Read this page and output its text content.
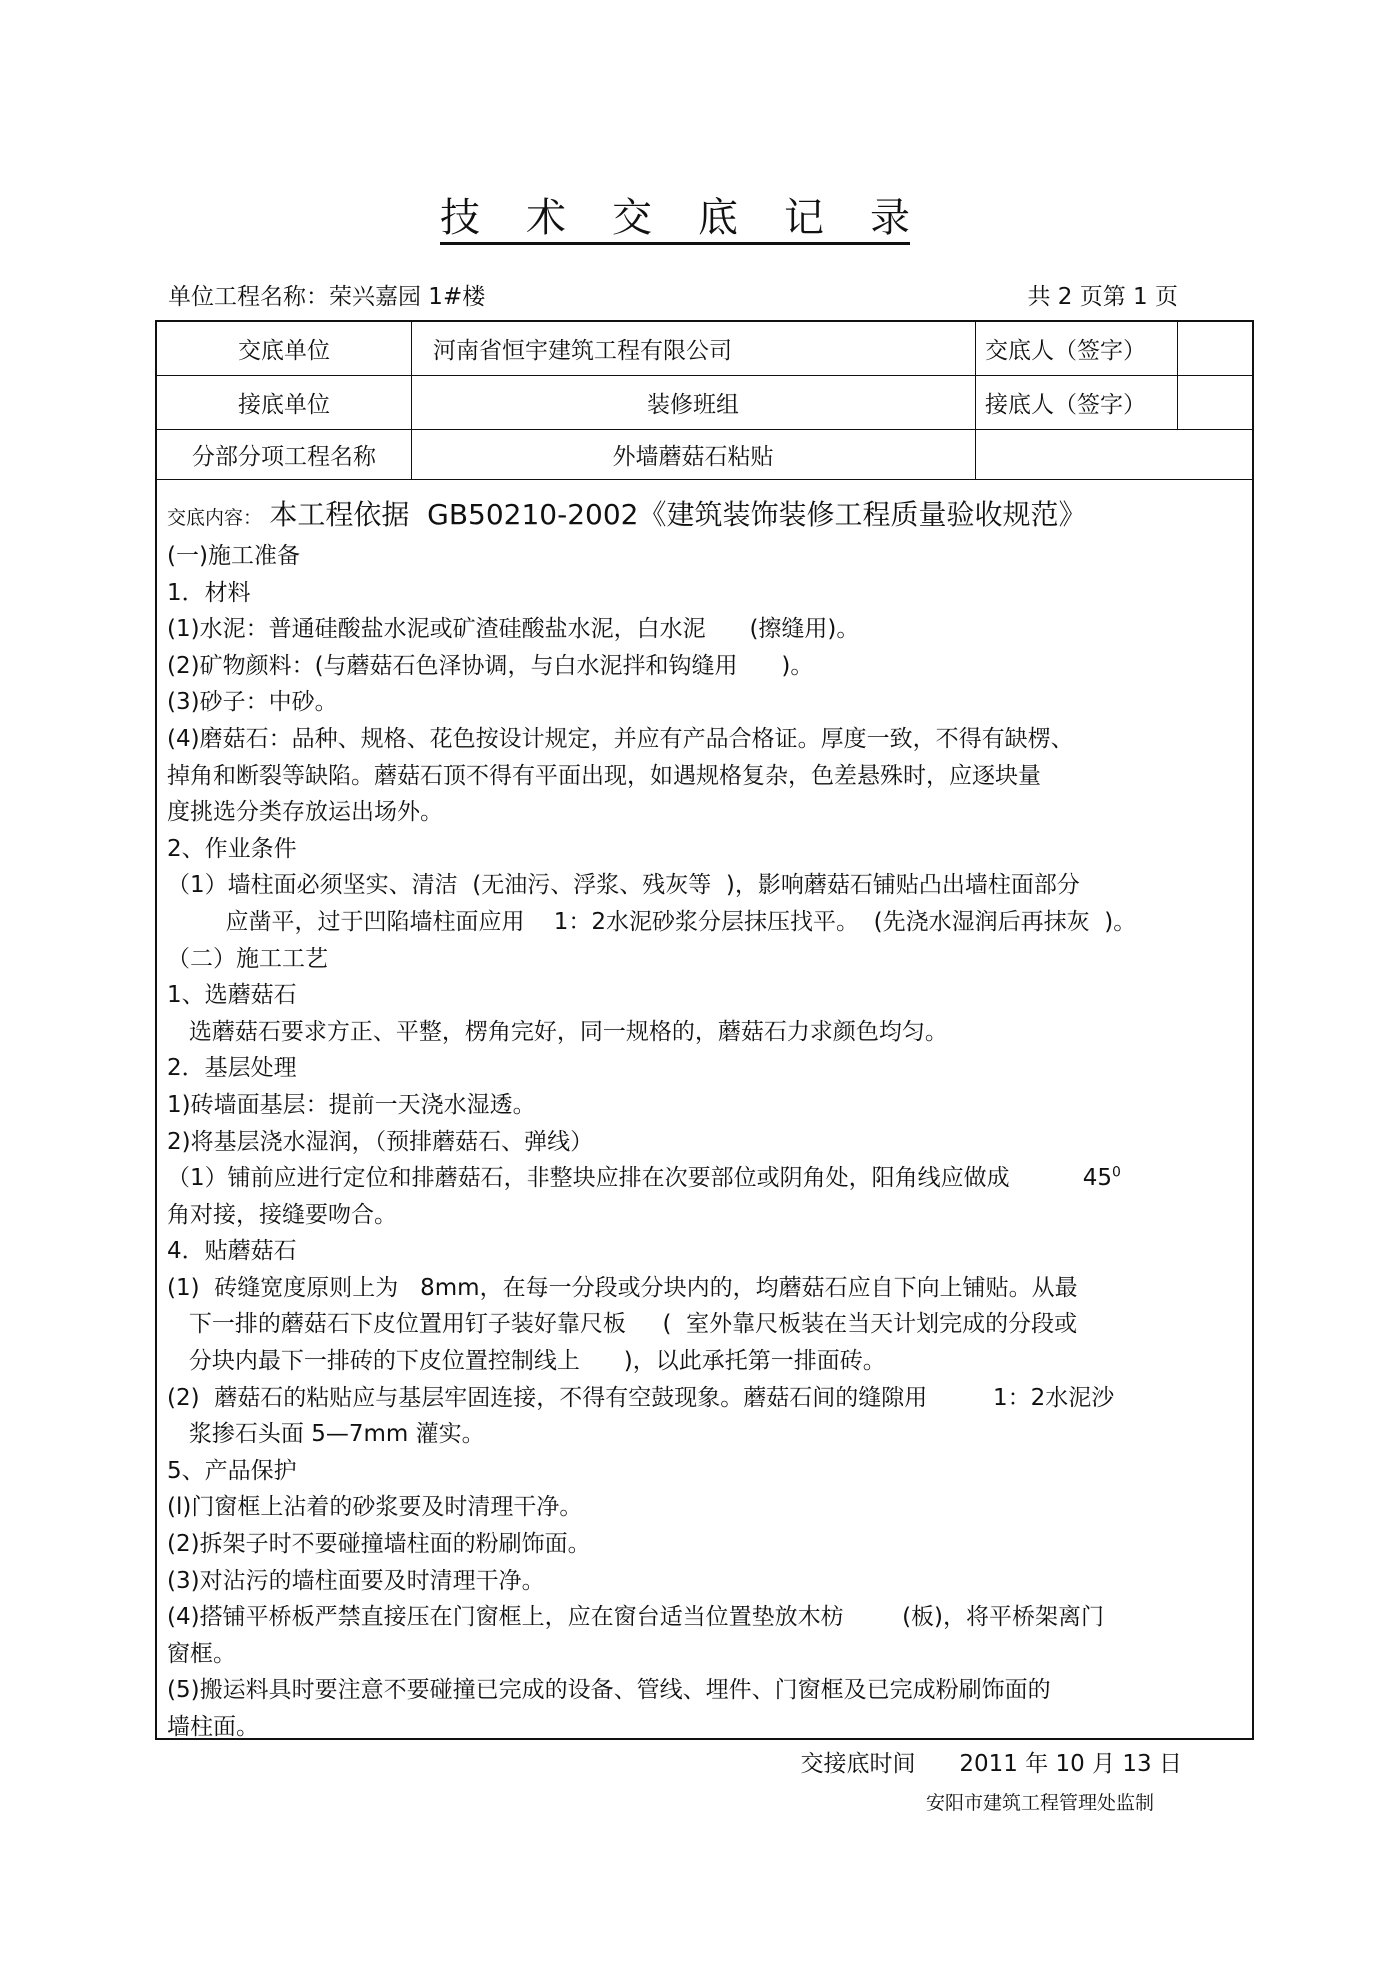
技 术 交 底 记 录
单位工程名称：荣兴嘉园 1#楼	共 2 页第 1 页
交底单位	河南省恒宇建筑工程有限公司	交底人（签字）
接底单位	装修班组	接底人（签字）
分部分项工程名称	外墙蘑菇石粘贴
交底内容： 本工程依据  GB50210-2002《建筑装饰装修工程质量验收规范》
(一)施工准备
1．材料
(1)水泥：普通硅酸盐水泥或矿渣硅酸盐水泥，白水泥      (擦缝用)。
(2)矿物颜料：(与蘑菇石色泽协调，与白水泥拌和钩缝用      )。
(3)砂子：中砂。
(4)磨菇石：品种、规格、花色按设计规定，并应有产品合格证。厚度一致，不得有缺楞、
掉角和断裂等缺陷。蘑菇石顶不得有平面出现，如遇规格复杂，色差悬殊时，应逐块量
度挑选分类存放运出场外。
2、作业条件
（1）墙柱面必须坚实、清洁  (无油污、浮浆、残灰等  )，影响蘑菇石铺贴凸出墙柱面部分
应凿平，过于凹陷墙柱面应用    1：2水泥砂浆分层抹压找平。  (先浇水湿润后再抹灰  )。
（二）施工工艺
1、选蘑菇石
选蘑菇石要求方正、平整，楞角完好，同一规格的，蘑菇石力求颜色均匀。
2．基层处理
1)砖墙面基层：提前一天浇水湿透。
2)将基层浇水湿润，（预排蘑菇石、弹线）
（1）铺前应进行定位和排蘑菇石，非整块应排在次要部位或阴角处，阳角线应做成          $45^0$
角对接，接缝要吻合。
4．贴蘑菇石
(1)  砖缝宽度原则上为   8mm，在每一分段或分块内的，均蘑菇石应自下向上铺贴。从最
下一排的蘑菇石下皮位置用钉子装好靠尺板     (  室外靠尺板装在当天计划完成的分段或
分块内最下一排砖的下皮位置控制线上      )，以此承托第一排面砖。
(2)  蘑菇石的粘贴应与基层牢固连接，不得有空鼓现象。蘑菇石间的缝隙用         1：2水泥沙
浆掺石头面 5—7mm 灌实。
5、产品保护
(l)门窗框上沾着的砂浆要及时清理干净。
(2)拆架子时不要碰撞墙柱面的粉刷饰面。
(3)对沾污的墙柱面要及时清理干净。
(4)搭铺平桥板严禁直接压在门窗框上，应在窗台适当位置垫放木枋        (板)，将平桥架离门
窗框。
(5)搬运料具时要注意不要碰撞已完成的设备、管线、埋件、门窗框及已完成粉刷饰面的
墙柱面。
交接底时间 2011 年 10 月 13 日
安阳市建筑工程管理处监制
